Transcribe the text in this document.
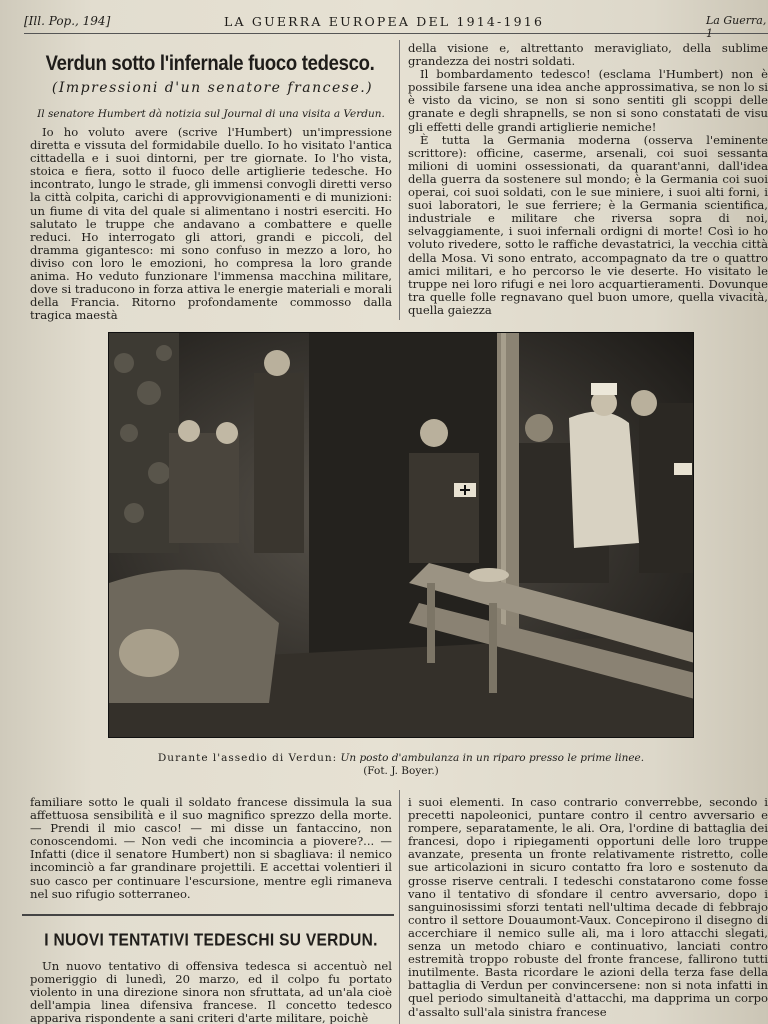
[Ill. Pop., 194]	LA GUERRA EUROPEA DEL 1914-1916	La Guerra, 1
Verdun sotto l'infernale fuoco tedesco.
(Impressioni d'un senatore francese.)
Il senatore Humbert dà notizia sul Journal di una visita a Verdun.

Io ho voluto avere (scrive l'Humbert) un'impressione diretta e vissuta del formidabile duello. Io ho visitato l'antica cittadella e i suoi dintorni, per tre giornate. Io l'ho vista, stoica e fiera, sotto il fuoco delle artiglierie tedesche. Ho incontrato, lungo le strade, gli immensi convogli diretti verso la città colpita, carichi di approvvigionamenti e di munizioni: un fiume di vita del quale si alimentano i nostri eserciti. Ho salutato le truppe che andavano a combattere e quelle reduci. Ho interrogato gli attori, grandi e piccoli, del dramma gigantesco: mi sono confuso in mezzo a loro, ho diviso con loro le emozioni, ho compresa la loro grande anima. Ho veduto funzionare l'immensa macchina militare, dove si traducono in forza attiva le energie materiali e morali della Francia. Ritorno profondamente commosso dalla tragica maestà

della visione e, altrettanto meravigliato, della sublime grandezza dei nostri soldati.

Il bombardamento tedesco! (esclama l'Humbert) non è possibile farsene una idea anche approssimativa, se non lo si è visto da vicino, se non si sono sentiti gli scoppi delle granate e degli shrapnells, se non si sono constatati de visu gli effetti delle grandi artiglierie nemiche!

È tutta la Germania moderna (osserva l'eminente scrittore): officine, caserme, arsenali, coi suoi sessanta milioni di uomini ossessionati, da quarant'anni, dall'idea della guerra da sostenere sul mondo; è la Germania coi suoi operai, coi suoi soldati, con le sue miniere, i suoi alti forni, i suoi laboratori, le sue ferriere; è la Germania scientifica, industriale e militare che riversa sopra di noi, selvaggiamente, i suoi infernali ordigni di morte! Così io ho voluto rivedere, sotto le raffiche devastatrici, la vecchia città della Mosa. Vi sono entrato, accompagnato da tre o quattro amici militari, e ho percorso le vie deserte. Ho visitato le truppe nei loro rifugi e nei loro acquartieramenti. Dovunque tra quelle folle regnavano quel buon umore, quella vivacità, quella gaiezza

Durante l'assedio di Verdun: Un posto d'ambulanza in un riparo presso le prime linee.
(Fot. J. Boyer.)

familiare sotto le quali il soldato francese dissimula la sua affettuosa sensibilità e il suo magnifico sprezzo della morte. — Prendi il mio casco! — mi disse un fantaccino, non conoscendomi. — Non vedi che incomincia a piovere?... — Infatti (dice il senatore Humbert) non si sbagliava: il nemico incominciò a far grandinare projettili. E accettai volentieri il suo casco per continuare l'escursione, mentre egli rimaneva nel suo rifugio sotterraneo.

i suoi elementi. In caso contrario converrebbe, secondo i precetti napoleonici, puntare contro il centro avversario e rompere, separatamente, le ali. Ora, l'ordine di battaglia dei francesi, dopo i ripiegamenti opportuni delle loro truppe avanzate, presenta un fronte relativamente ristretto, colle sue articolazioni in sicuro contatto fra loro e sostenuto da grosse riserve centrali. I tedeschi constatarono come fosse vano il tentativo di sfondare il centro avversario, dopo i sanguinosissimi sforzi tentati nell'ultima decade di febbrajo contro il settore Douaumont-Vaux. Concepirono il disegno di accerchiare il nemico sulle ali, ma i loro attacchi slegati, senza un metodo chiaro e continuativo, lanciati contro estremità troppo robuste del fronte francese, fallirono tutti inutilmente. Basta ricordare le azioni della terza fase della battaglia di Verdun per convincersene: non si nota infatti in quel periodo simultaneità d'attacchi, ma dapprima un corpo d'assalto sull'ala sinistra francese

I NUOVI TENTATIVI TEDESCHI SU VERDUN.

Un nuovo tentativo di offensiva tedesca si accentuò nel pomeriggio di lunedì, 20 marzo, ed il colpo fu portato violento in una direzione sinora non sfruttata, ad un'ala cioè dell'ampia linea difensiva francese. Il concetto tedesco appariva rispondente a sani criteri d'arte militare, poichè
